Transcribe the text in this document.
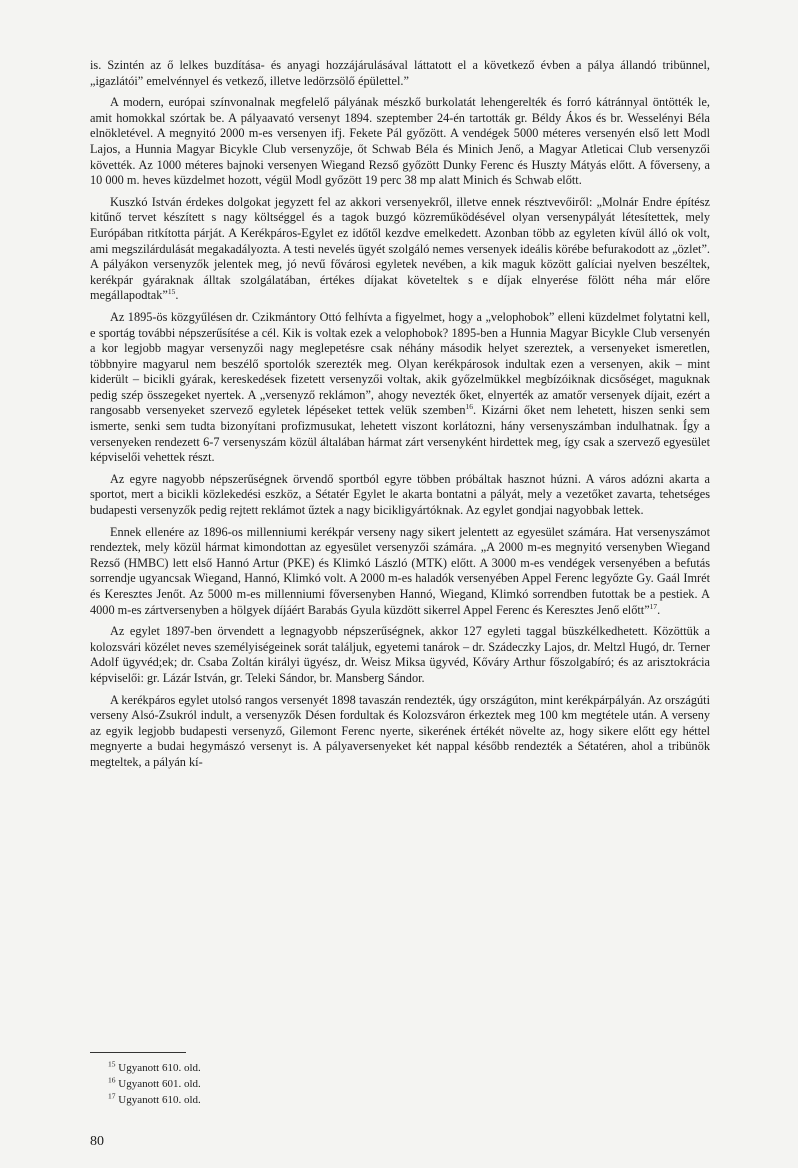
is. Szintén az ő lelkes buzdítása- és anyagi hozzájárulásával láttatott el a következő évben a pálya állandó tribünnel, „igazlátói” emelvénnyel és vetkező, illetve ledörzsölő épülettel.”

A modern, európai színvonalnak megfelelő pályának mészkő burkolatát lehengerelték és forró kátránnyal öntötték le, amit homokkal szórtak be. A pályaavató versenyt 1894. szeptember 24-én tartották gr. Béldy Ákos és br. Wesselényi Béla elnökletével. A megnyitó 2000 m-es versenyen ifj. Fekete Pál győzött. A vendégek 5000 méteres versenyén első lett Modl Lajos, a Hunnia Magyar Bicykle Club versenyzője, őt Schwab Béla és Minich Jenő, a Magyar Atleticai Club versenyzői követték. Az 1000 méteres bajnoki versenyen Wiegand Rezső győzött Dunky Ferenc és Huszty Mátyás előtt. A főverseny, a 10 000 m. heves küzdelmet hozott, végül Modl győzött 19 perc 38 mp alatt Minich és Schwab előtt.

Kuszkó István érdekes dolgokat jegyzett fel az akkori versenyekről, illetve ennek résztvevőiről: „Molnár Endre építész kitűnő tervet készített s nagy költséggel és a tagok buzgó közreműködésével olyan versenypályát létesítettek, mely Európában ritkította párját. A Kerékpáros-Egylet ez időtől kezdve emelkedett. Azonban több az egyleten kívül álló ok volt, ami megszilárdulását megakadályozta. A testi nevelés ügyét szolgáló nemes versenyek ideális körébe befurakodott az „özlet”. A pályákon versenyzők jelentek meg, jó nevű fővárosi egyletek nevében, a kik maguk között galíciai nyelven beszéltek, kerékpár gyáraknak álltak szolgálatában, értékes díjakat követeltek s e díjak elnyerése fölött néha már előre megállapodtak”$^{15}$.

Az 1895-ös közgyűlésen dr. Czikmántory Ottó felhívta a figyelmet, hogy a „velophobok” elleni küzdelmet folytatni kell, e sportág további népszerűsítése a cél. Kik is voltak ezek a velophobok? 1895-ben a Hunnia Magyar Bicykle Club versenyén a kor legjobb magyar versenyzői nagy meglepetésre csak néhány második helyet szereztek, a versenyeket ismeretlen, többnyire magyarul nem beszélő sportolók szerezték meg. Olyan kerékpárosok indultak ezen a versenyen, akik – mint kiderült – bicikli gyárak, kereskedések fizetett versenyzői voltak, akik győzelmükkel megbízóiknak dicsőséget, maguknak pedig szép összegeket nyertek. A „versenyző reklámon”, ahogy nevezték őket, elnyerték az amatőr versenyek díjait, ezért a rangosabb versenyeket szervező egyletek lépéseket tettek velük szemben$^{16}$. Kizárni őket nem lehetett, hiszen senki sem ismerte, senki sem tudta bizonyítani profizmusukat, lehetett viszont korlátozni, hány versenyszámban indulhatnak. Így a versenyeken rendezett 6-7 versenyszám közül általában hármat zárt versenyként hirdettek meg, így csak a szervező egyesület képviselői vehettek részt.

Az egyre nagyobb népszerűségnek örvendő sportból egyre többen próbáltak hasznot húzni. A város adózni akarta a sportot, mert a bicikli közlekedési eszköz, a Sétatér Egylet le akarta bontatni a pályát, mely a vezetőket zavarta, tehetséges budapesti versenyzők pedig rejtett reklámot űztek a nagy bicikligyártóknak. Az egylet gondjai nagyobbak lettek.

Ennek ellenére az 1896-os millenniumi kerékpár verseny nagy sikert jelentett az egyesület számára. Hat versenyszámot rendeztek, mely közül hármat kimondottan az egyesület versenyzői számára. „A 2000 m-es megnyitó versenyben Wiegand Rezső (HMBC) lett első Hannó Artur (PKE) és Klimkó László (MTK) előtt. A 3000 m-es vendégek versenyében a befutás sorrendje ugyancsak Wiegand, Hannó, Klimkó volt. A 2000 m-es haladók versenyében Appel Ferenc legyőzte Gy. Gaál Imrét és Keresztes Jenőt. Az 5000 m-es millenniumi főversenyben Hannó, Wiegand, Klimkó sorrendben futottak be a pestiek. A 4000 m-es zártversenyben a hölgyek díjáért Barabás Gyula küzdött sikerrel Appel Ferenc és Keresztes Jenő előtt”$^{17}$.

Az egylet 1897-ben örvendett a legnagyobb népszerűségnek, akkor 127 egyleti taggal büszkélkedhetett. Közöttük a kolozsvári közélet neves személyiségeinek sorát találjuk, egyetemi tanárok – dr. Szádeczky Lajos, dr. Meltzl Hugó, dr. Terner Adolf ügyvéd;ek; dr. Csaba Zoltán királyi ügyész, dr. Weisz Miksa ügyvéd, Kőváry Arthur főszolgabíró; és az arisztokrácia képviselői: gr. Lázár István, gr. Teleki Sándor, br. Mansberg Sándor.

A kerékpáros egylet utolsó rangos versenyét 1898 tavaszán rendezték, úgy országúton, mint kerékpárpályán. Az országúti verseny Alsó-Zsukról indult, a versenyzők Désen fordultak és Kolozsváron érkeztek meg 100 km megtétele után. A verseny az egyik legjobb budapesti versenyző, Gilemont Ferenc nyerte, sikerének értékét növelte az, hogy sikere előtt egy héttel megnyerte a budai hegymászó versenyt is. A pályaversenyeket két nappal később rendezték a Sétatéren, ahol a tribünök megteltek, a pályán kí-

$^{15}$ Ugyanott 610. old.
$^{16}$ Ugyanott 601. old.
$^{17}$ Ugyanott 610. old.
80
